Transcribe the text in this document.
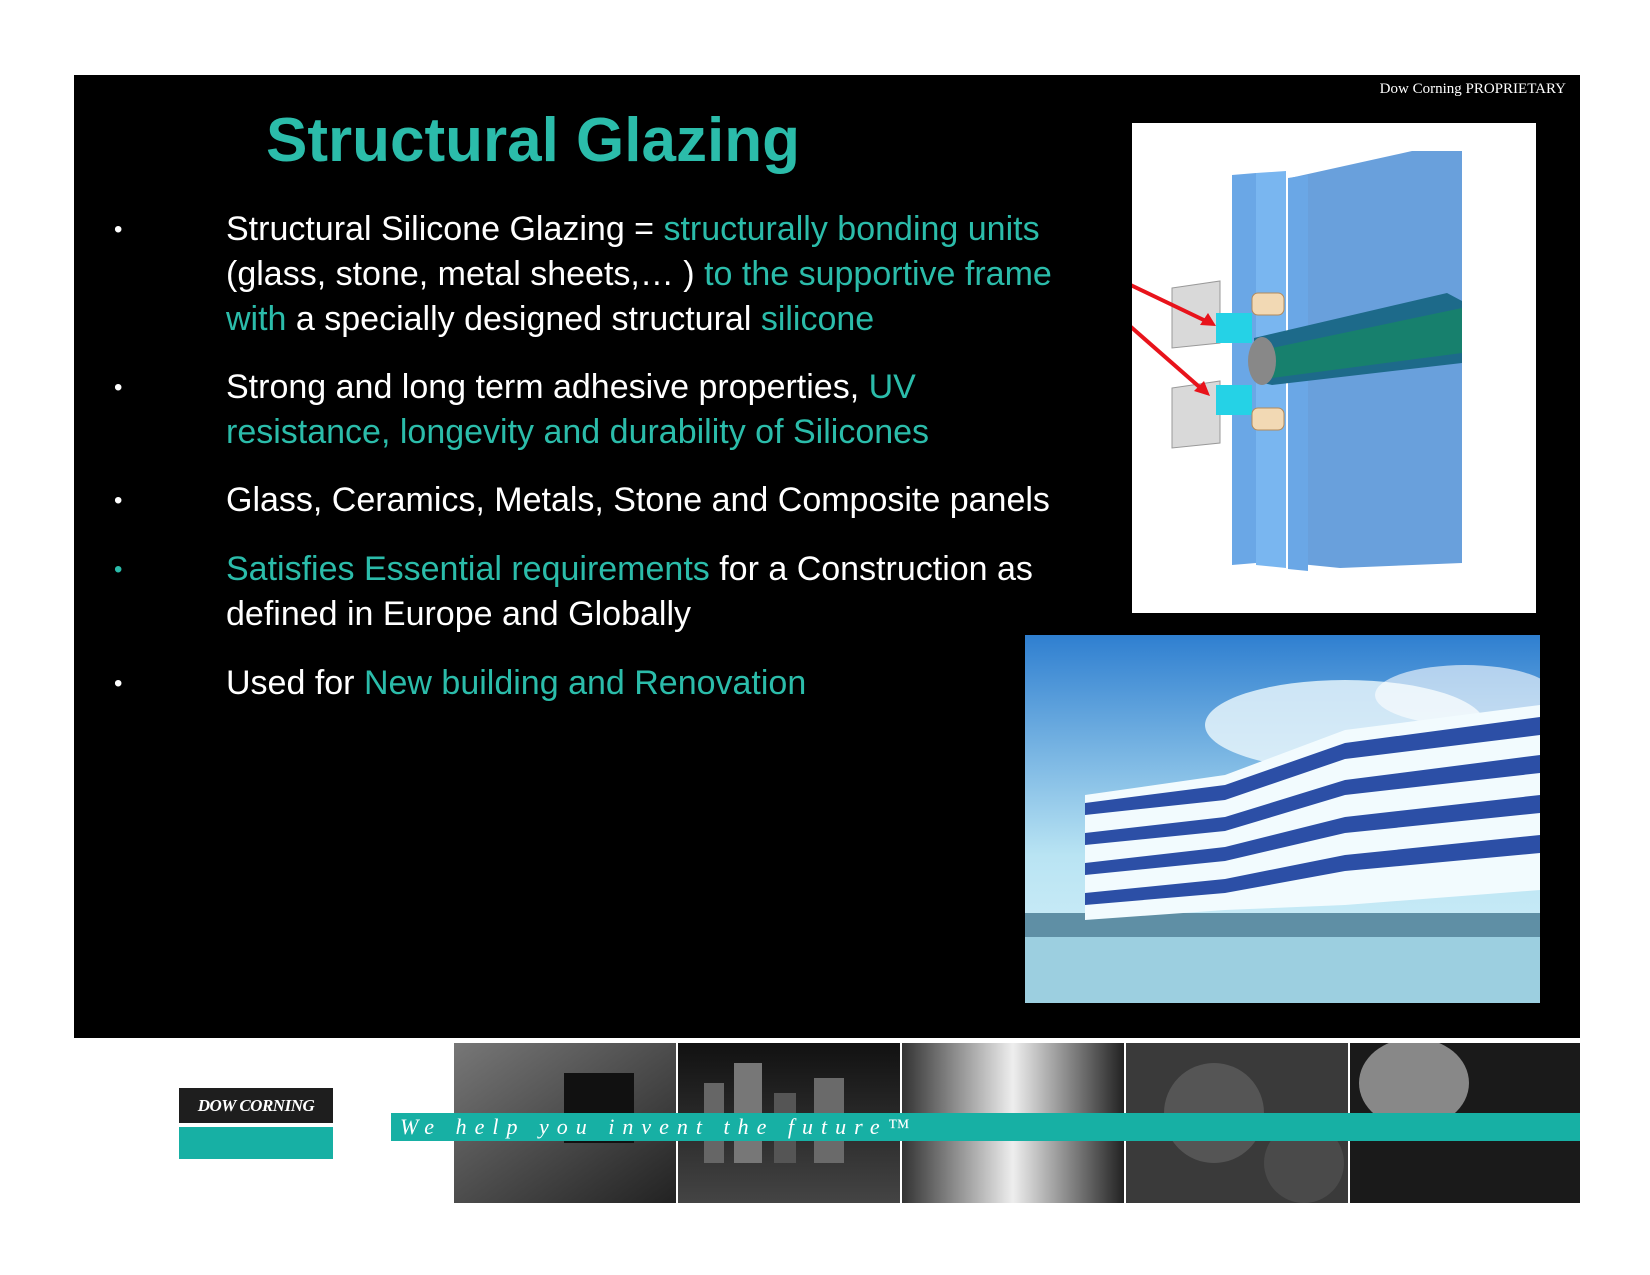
Dow Corning PROPRIETARY
Structural Glazing
•	Structural Silicone Glazing = structurally bonding units (glass, stone, metal sheets,… ) to the supportive frame with a specially designed structural silicone
•	Strong and long term adhesive properties, UV resistance, longevity and durability of Silicones
•	Glass, Ceramics, Metals, Stone and Composite panels
•	Satisfies Essential requirements for a Construction as defined in Europe and Globally
•	Used for New building and Renovation
DOW CORNING
We help you invent the future™
